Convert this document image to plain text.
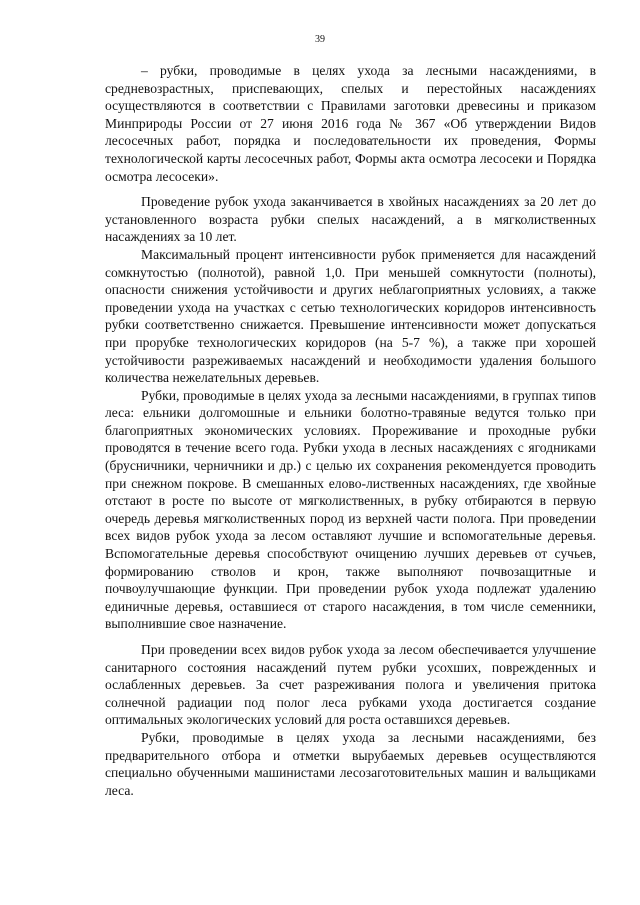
39

– рубки, проводимые в целях ухода за лесными насаждениями, в средневозрастных, приспевающих, спелых и перестойных насаждениях осуществляются в соответствии с Правилами заготовки древесины и приказом Минприроды России от 27 июня 2016 года № 367 «Об утверждении Видов лесосечных работ, порядка и последовательности их проведения, Формы технологической карты лесосечных работ, Формы акта осмотра лесосеки и Порядка осмотра лесосеки».

Проведение рубок ухода заканчивается в хвойных насаждениях за 20 лет до установленного возраста рубки спелых насаждений, а в мягколиственных насаждениях за 10 лет.

Максимальный процент интенсивности рубок применяется для насаждений сомкнутостью (полнотой), равной 1,0. При меньшей сомкнутости (полноты), опасности снижения устойчивости и других неблагоприятных условиях, а также проведении ухода на участках с сетью технологических коридоров интенсивность рубки соответственно снижается. Превышение интенсивности может допускаться при прорубке технологических коридоров (на 5-7 %), а также при хорошей устойчивости разреживаемых насаждений и необходимости удаления большого количества нежелательных деревьев.

Рубки, проводимые в целях ухода за лесными насаждениями, в группах типов леса: ельники долгомошные и ельники болотно-травяные ведутся только при благоприятных экономических условиях. Прореживание и проходные рубки проводятся в течение всего года. Рубки ухода в лесных насаждениях с ягодниками (брусничники, черничники и др.) с целью их сохранения рекомендуется проводить при снежном покрове. В смешанных елово-лиственных насаждениях, где хвойные отстают в росте по высоте от мягколиственных, в рубку отбираются в первую очередь деревья мягколиственных пород из верхней части полога. При проведении всех видов рубок ухода за лесом оставляют лучшие и вспомогательные деревья. Вспомогательные деревья способствуют очищению лучших деревьев от сучьев, формированию стволов и крон, также выполняют почвозащитные и почвоулучшающие функции. При проведении рубок ухода подлежат удалению единичные деревья, оставшиеся от старого насаждения, в том числе семенники, выполнившие свое назначение.

При проведении всех видов рубок ухода за лесом обеспечивается улучшение санитарного состояния насаждений путем рубки усохших, поврежденных и ослабленных деревьев. За счет разреживания полога и увеличения притока солнечной радиации под полог леса рубками ухода достигается создание оптимальных экологических условий для роста оставшихся деревьев.

Рубки, проводимые в целях ухода за лесными насаждениями, без предварительного отбора и отметки вырубаемых деревьев осуществляются специально обученными машинистами лесозаготовительных машин и вальщиками леса.
